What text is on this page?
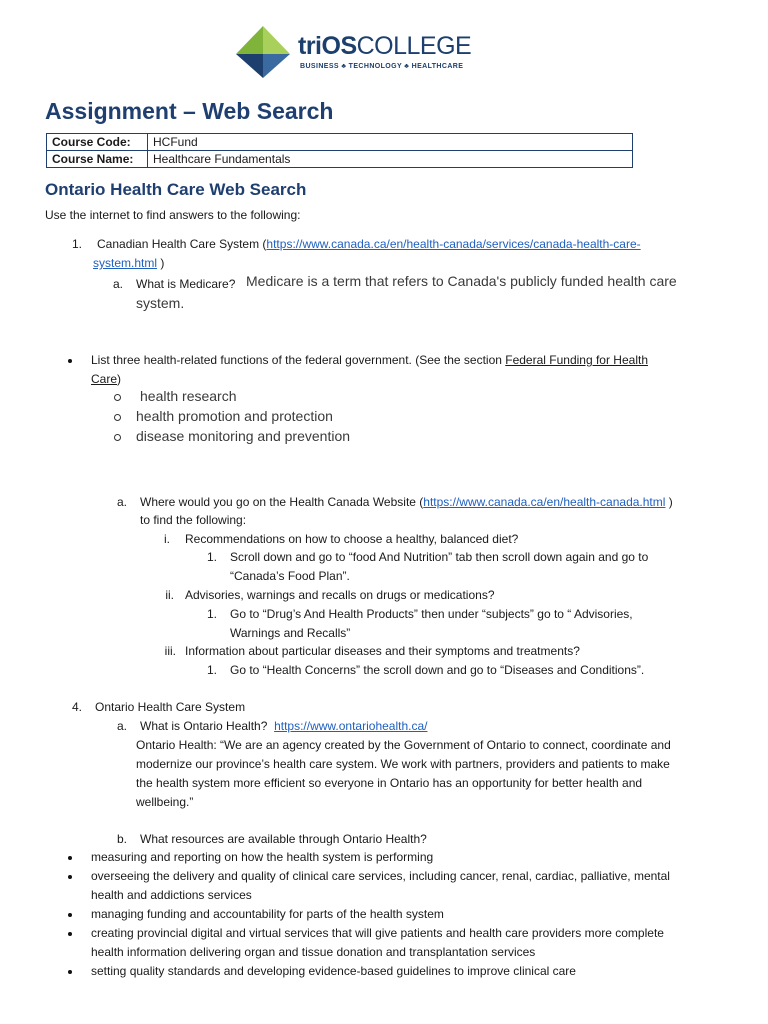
triOSCOLLEGE
BUSINESS ♣ TECHNOLOGY ♣ HEALTHCARE
Assignment – Web Search
Course Code:	HCFund
Course Name:	Healthcare Fundamentals
Ontario Health Care Web Search
Use the internet to find answers to the following:
1. Canadian Health Care System (https://www.canada.ca/en/health-canada/services/canada-health-care-
system.html )
a. What is Medicare? Medicare is a term that refers to Canada's publicly funded health care
system.
List three health-related functions of the federal government. (See the section Federal Funding for Health
Care)
health research
health promotion and protection
disease monitoring and prevention
a. Where would you go on the Health Canada Website (https://www.canada.ca/en/health-canada.html )
to find the following:
i. Recommendations on how to choose a healthy, balanced diet?
1. Scroll down and go to “food And Nutrition” tab then scroll down again and go to
“Canada’s Food Plan”.
ii. Advisories, warnings and recalls on drugs or medications?
1. Go to “Drug’s And Health Products” then under “subjects” go to “ Advisories,
Warnings and Recalls”
iii. Information about particular diseases and their symptoms and treatments?
1. Go to “Health Concerns” the scroll down and go to “Diseases and Conditions”.
4. Ontario Health Care System
a. What is Ontario Health? https://www.ontariohealth.ca/
Ontario Health: “We are an agency created by the Government of Ontario to connect, coordinate and
modernize our province’s health care system. We work with partners, providers and patients to make
the health system more efficient so everyone in Ontario has an opportunity for better health and
wellbeing.”
b. What resources are available through Ontario Health?
measuring and reporting on how the health system is performing
overseeing the delivery and quality of clinical care services, including cancer, renal, cardiac, palliative, mental
health and addictions services
managing funding and accountability for parts of the health system
creating provincial digital and virtual services that will give patients and health care providers more complete
health information delivering organ and tissue donation and transplantation services
setting quality standards and developing evidence-based guidelines to improve clinical care
